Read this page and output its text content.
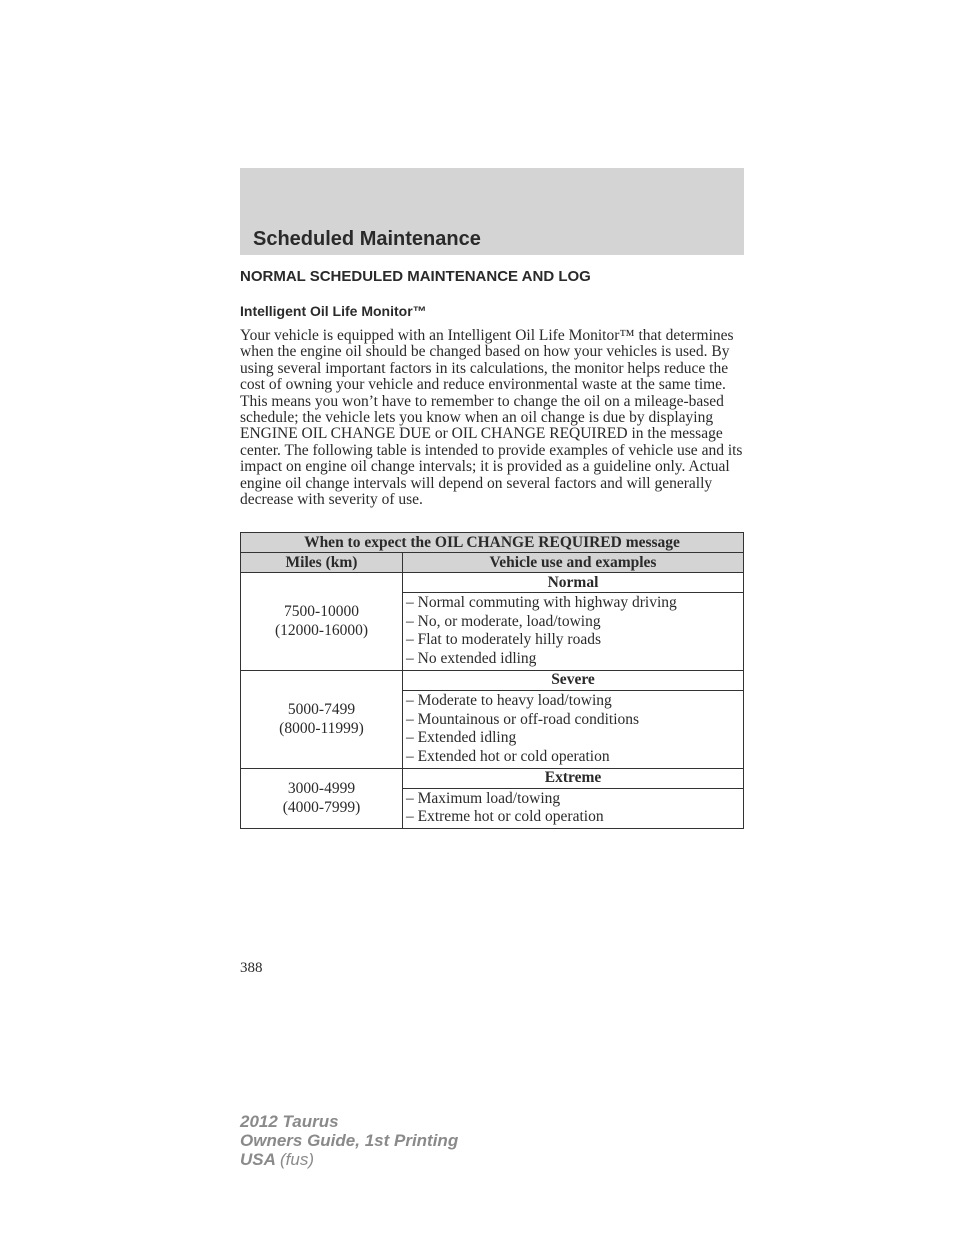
Scheduled Maintenance
NORMAL SCHEDULED MAINTENANCE AND LOG
Intelligent Oil Life Monitor™

Your vehicle is equipped with an Intelligent Oil Life Monitor™ that determines when the engine oil should be changed based on how your vehicles is used. By using several important factors in its calculations, the monitor helps reduce the cost of owning your vehicle and reduce environmental waste at the same time. This means you won’t have to remember to change the oil on a mileage-based schedule; the vehicle lets you know when an oil change is due by displaying ENGINE OIL CHANGE DUE or OIL CHANGE REQUIRED in the message center. The following table is intended to provide examples of vehicle use and its impact on engine oil change intervals; it is provided as a guideline only. Actual engine oil change intervals will depend on several factors and will generally decrease with severity of use.

When to expect the OIL CHANGE REQUIRED message	
Miles (km)	Vehicle use and examples

7500-10000
(12000-16000)	Normal

	– Normal commuting with highway driving
– No, or moderate, load/towing
– Flat to moderately hilly roads
– No extended idling

5000-7499
(8000-11999)	Severe

	– Moderate to heavy load/towing
– Mountainous or off-road conditions
– Extended idling
– Extended hot or cold operation

3000-4999
(4000-7999)	Extreme

	– Maximum load/towing
– Extreme hot or cold operation

388

2012 Taurus
Owners Guide, 1st Printing
USA (fus)
